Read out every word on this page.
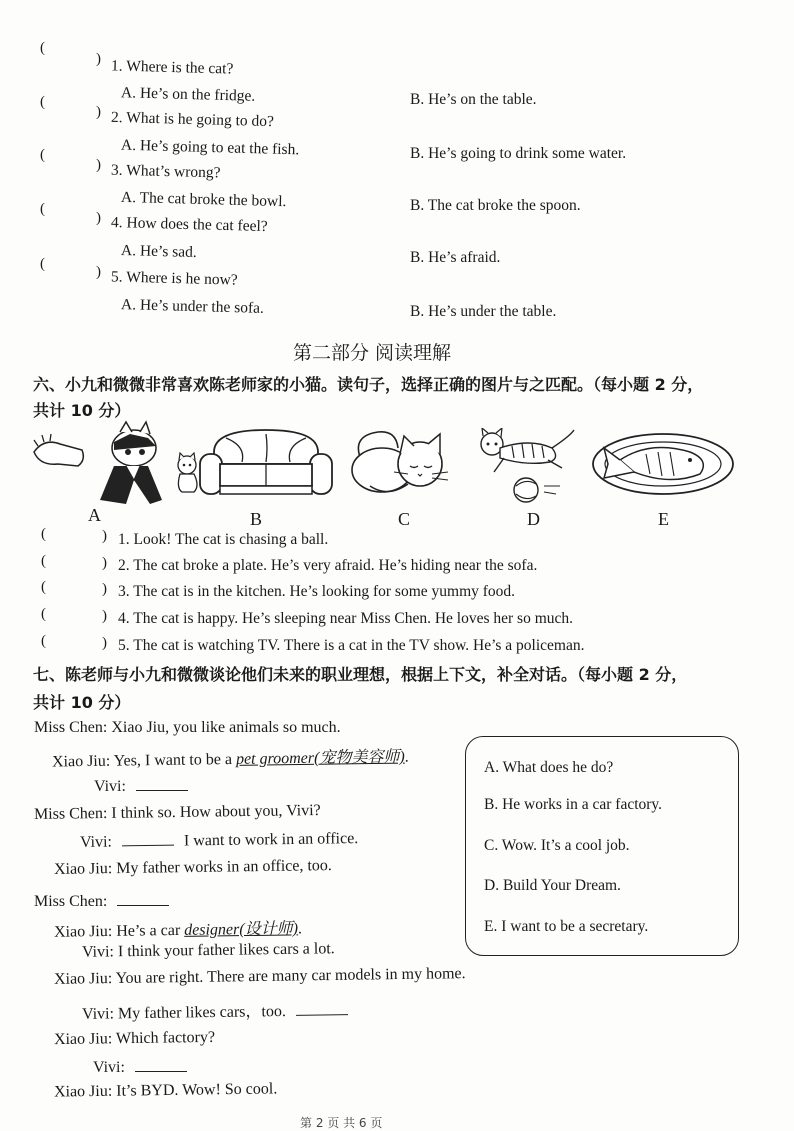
(
) 1. Where is the cat?
A. He’s on the fridge.	B. He’s on the table.
(
) 2. What is he going to do?
A. He’s going to eat the fish.	B. He’s going to drink some water.
(
) 3. What’s wrong?
A. The cat broke the bowl.	B. The cat broke the spoon.
(
) 4. How does the cat feel?
A. He’s sad.	B. He’s afraid.
(	) 5. Where is he now?
A. He’s under the sofa.	B. He’s under the table.
第二部分 阅读理解
六、小九和微微非常喜欢陈老师家的小猫。读句子，选择正确的图片与之匹配。（每小题 2 分，
共计 10 分）
A	B	C	D	E
(	) 1. Look! The cat is chasing a ball.
(	) 2. The cat broke a plate. He’s very afraid. He’s hiding near the sofa.
(	) 3. The cat is in the kitchen. He’s looking for some yummy food.
(	) 4. The cat is happy. He’s sleeping near Miss Chen. He loves her so much.
(	) 5. The cat is watching TV. There is a cat in the TV show. He’s a policeman.
七、陈老师与小九和微微谈论他们未来的职业理想，根据上下文，补全对话。（每小题 2 分，
共计 10 分）
Miss Chen: Xiao Jiu, you like animals so much.
Xiao Jiu: Yes, I want to be a pet groomer(宠物美容师).
Vivi:
Miss Chen: I think so. How about you, Vivi?
Vivi:	I want to work in an office.
Xiao Jiu: My father works in an office, too.
Miss Chen:
Xiao Jiu: He’s a car designer(设计师).
Vivi: I think your father likes cars a lot.
Xiao Jiu: You are right. There are many car models in my home.
Vivi: My father likes cars，too.
Xiao Jiu: Which factory?
Vivi:
Xiao Jiu: It’s BYD. Wow! So cool.
A. What does he do?
B. He works in a car factory.
C. Wow. It’s a cool job.
D. Build Your Dream.
E. I want to be a secretary.
第 2 页 共 6 页
